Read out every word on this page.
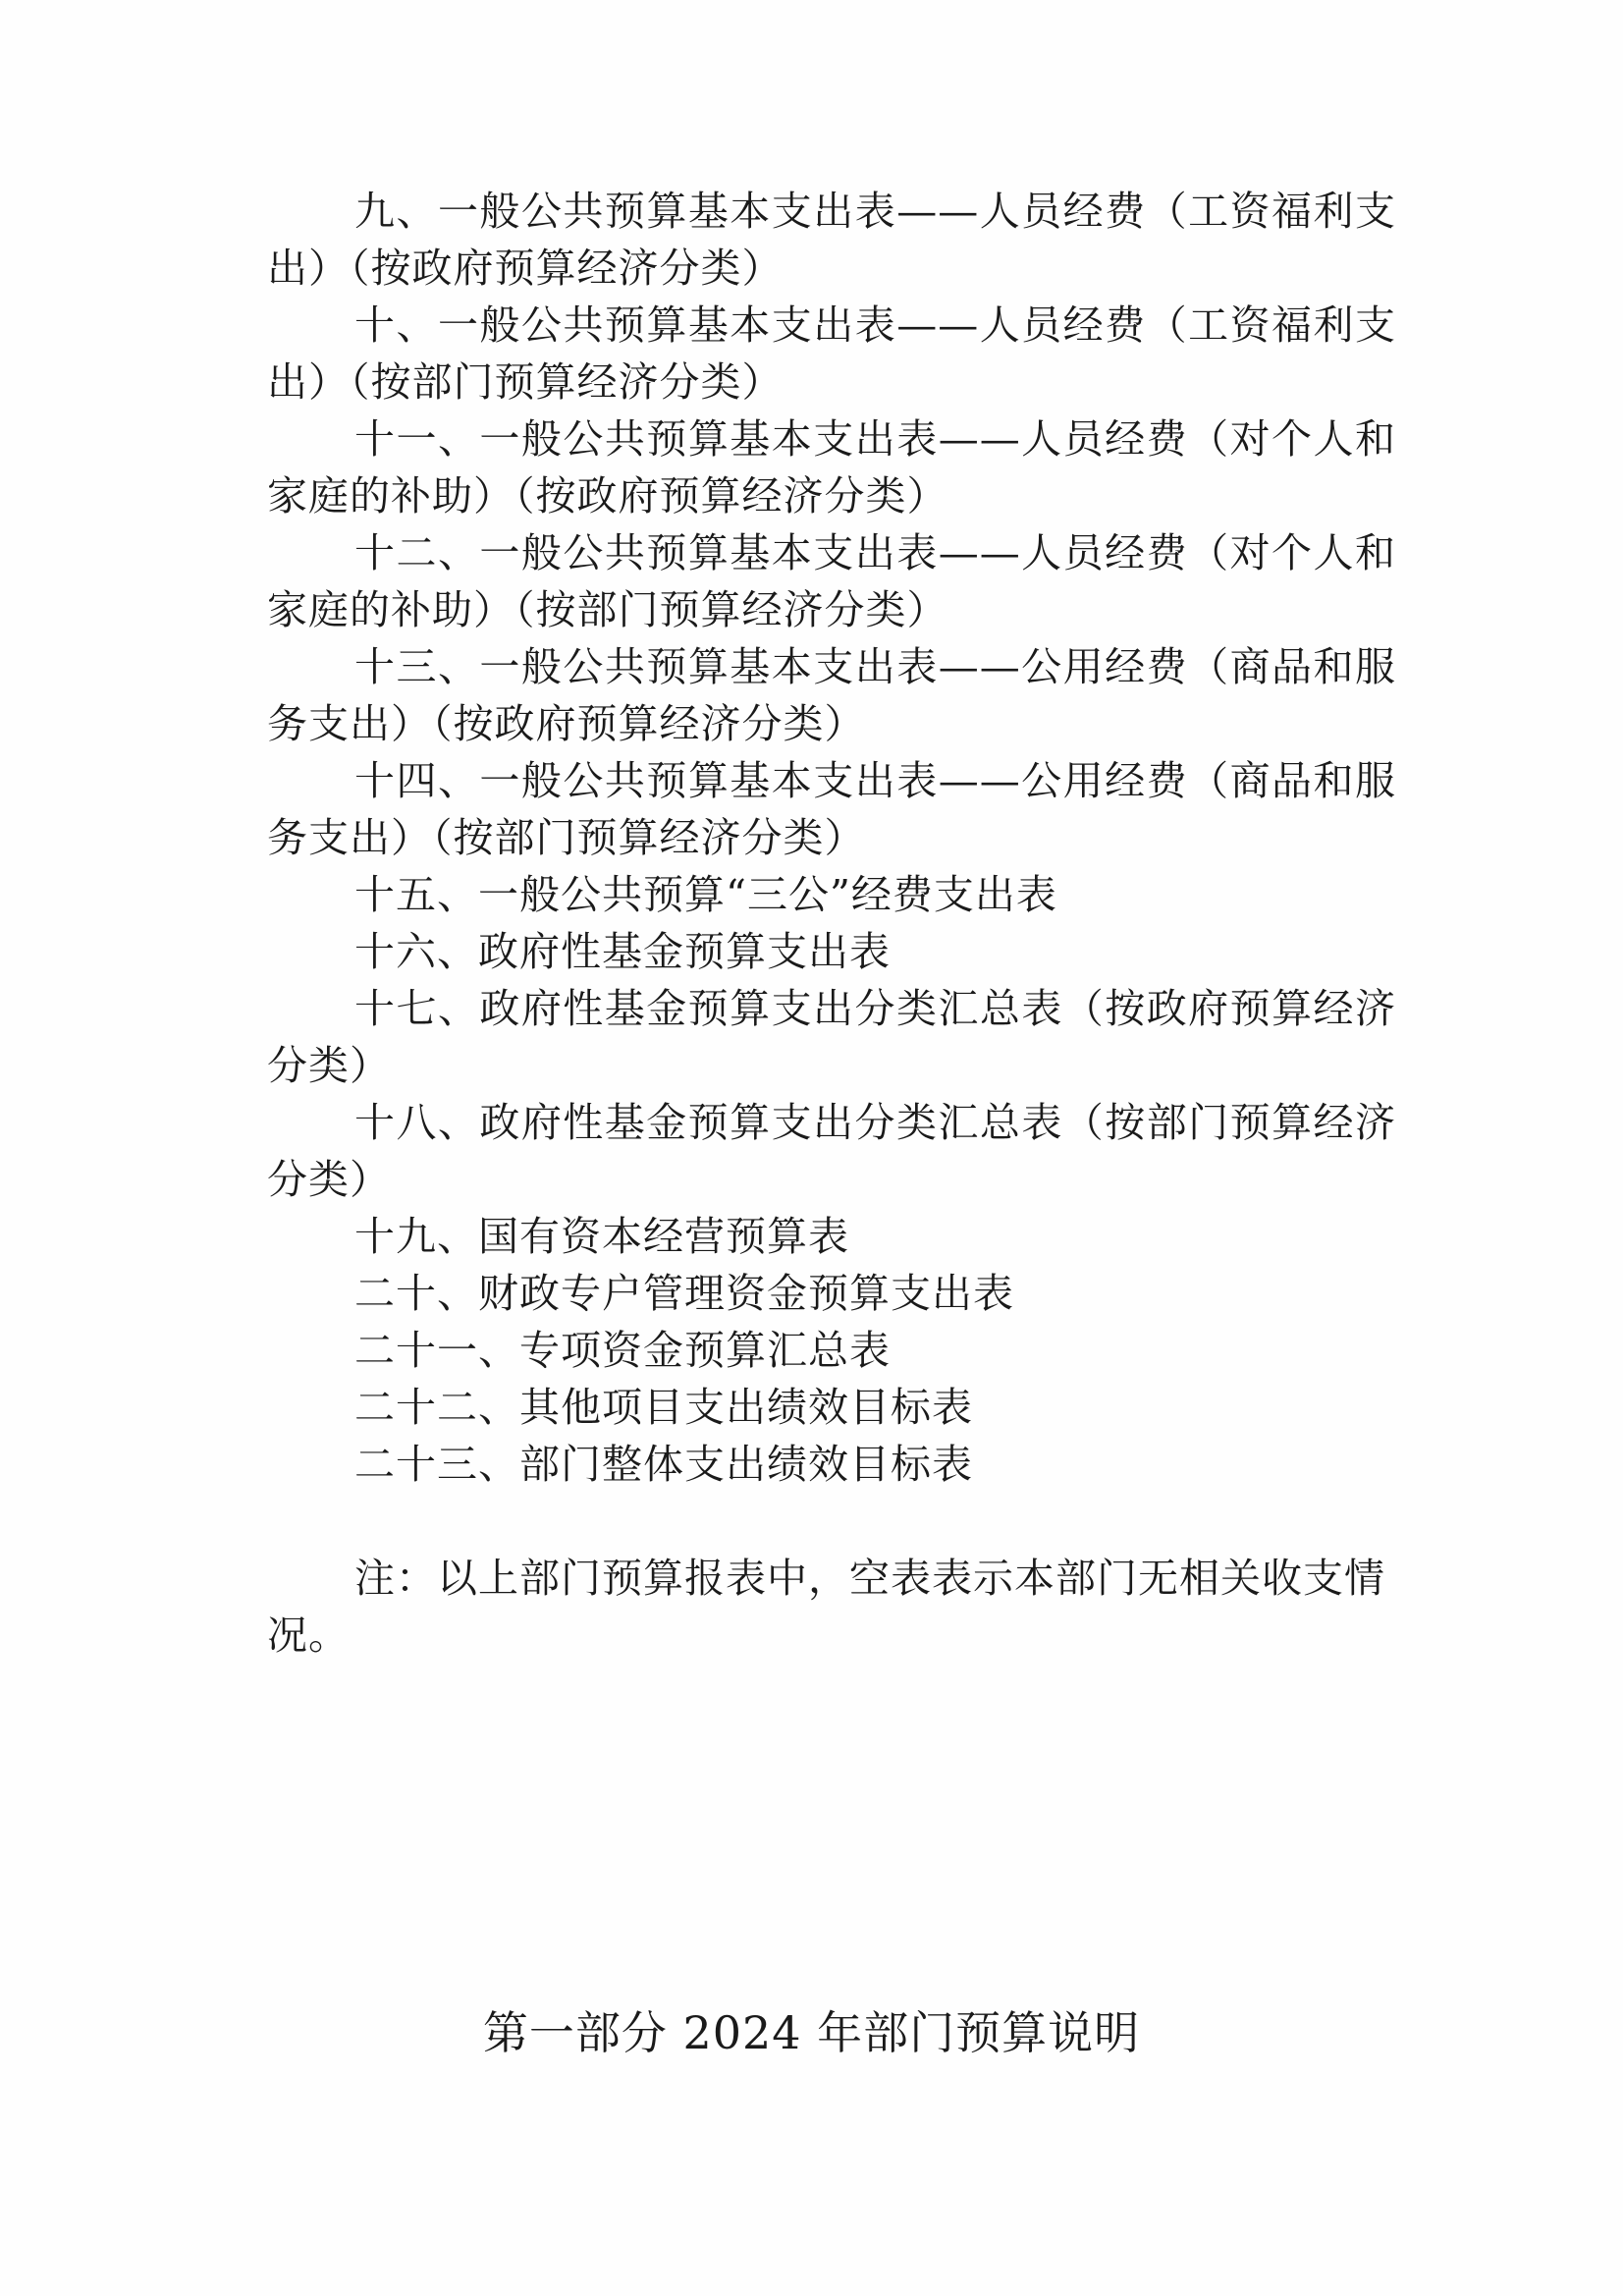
九、一般公共预算基本支出表——人员经费（工资福利支出）（按政府预算经济分类）
十、一般公共预算基本支出表——人员经费（工资福利支出）（按部门预算经济分类）
十一、一般公共预算基本支出表——人员经费（对个人和家庭的补助）（按政府预算经济分类）
十二、一般公共预算基本支出表——人员经费（对个人和家庭的补助）（按部门预算经济分类）
十三、一般公共预算基本支出表——公用经费（商品和服务支出）（按政府预算经济分类）
十四、一般公共预算基本支出表——公用经费（商品和服务支出）（按部门预算经济分类）
十五、一般公共预算“三公”经费支出表
十六、政府性基金预算支出表
十七、政府性基金预算支出分类汇总表（按政府预算经济分类）
十八、政府性基金预算支出分类汇总表（按部门预算经济分类）
十九、国有资本经营预算表
二十、财政专户管理资金预算支出表
二十一、专项资金预算汇总表
二十二、其他项目支出绩效目标表
二十三、部门整体支出绩效目标表

注：以上部门预算报表中，空表表示本部门无相关收支情况。

第一部分 2024 年部门预算说明
